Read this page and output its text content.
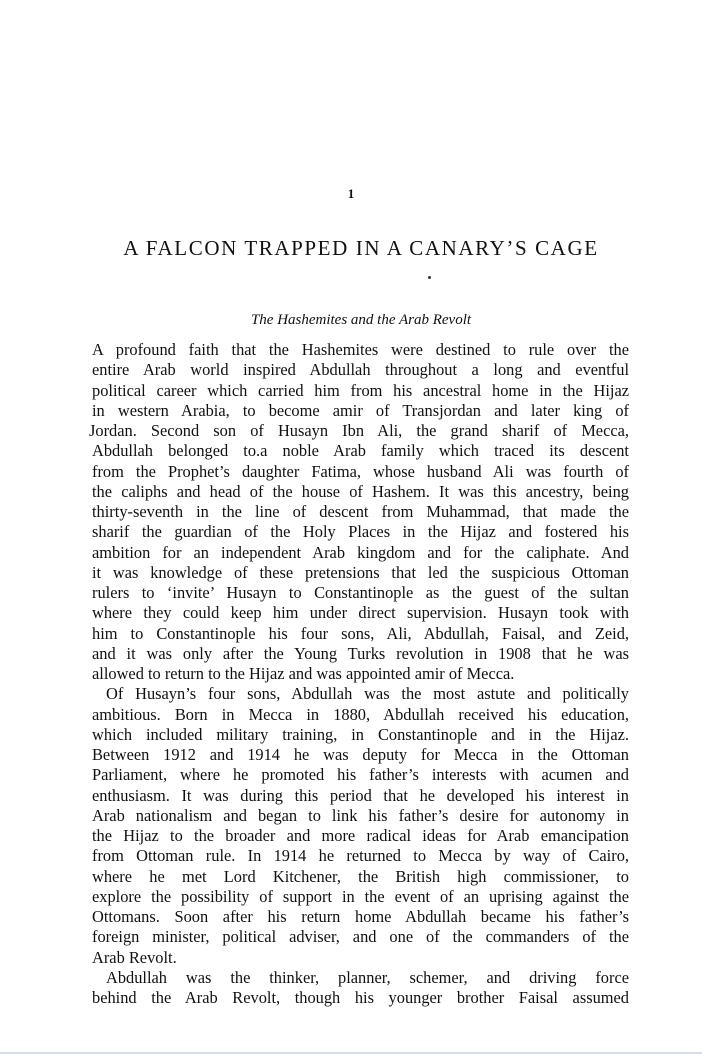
1
A FALCON TRAPPED IN A CANARY’S CAGE
The Hashemites and the Arab Revolt
A profound faith that the Hashemites were destined to rule over the
entire Arab world inspired Abdullah throughout a long and eventful
political career which carried him from his ancestral home in the Hijaz
in western Arabia, to become amir of Transjordan and later king of
Jordan. Second son of Husayn Ibn Ali, the grand sharif of Mecca,
Abdullah belonged to.a noble Arab family which traced its descent
from the Prophet’s daughter Fatima, whose husband Ali was fourth of
the caliphs and head of the house of Hashem. It was this ancestry, being
thirty-seventh in the line of descent from Muhammad, that made the
sharif the guardian of the Holy Places in the Hijaz and fostered his
ambition for an independent Arab kingdom and for the caliphate. And
it was knowledge of these pretensions that led the suspicious Ottoman
rulers to ‘invite’ Husayn to Constantinople as the guest of the sultan
where they could keep him under direct supervision. Husayn took with
him to Constantinople his four sons, Ali, Abdullah, Faisal, and Zeid,
and it was only after the Young Turks revolution in 1908 that he was
allowed to return to the Hijaz and was appointed amir of Mecca.
Of Husayn’s four sons, Abdullah was the most astute and politically
ambitious. Born in Mecca in 1880, Abdullah received his education,
which included military training, in Constantinople and in the Hijaz.
Between 1912 and 1914 he was deputy for Mecca in the Ottoman
Parliament, where he promoted his father’s interests with acumen and
enthusiasm. It was during this period that he developed his interest in
Arab nationalism and began to link his father’s desire for autonomy in
the Hijaz to the broader and more radical ideas for Arab emancipation
from Ottoman rule. In 1914 he returned to Mecca by way of Cairo,
where he met Lord Kitchener, the British high commissioner, to
explore the possibility of support in the event of an uprising against the
Ottomans. Soon after his return home Abdullah became his father’s
foreign minister, political adviser, and one of the commanders of the
Arab Revolt.
Abdullah was the thinker, planner, schemer, and driving force
behind the Arab Revolt, though his younger brother Faisal assumed
